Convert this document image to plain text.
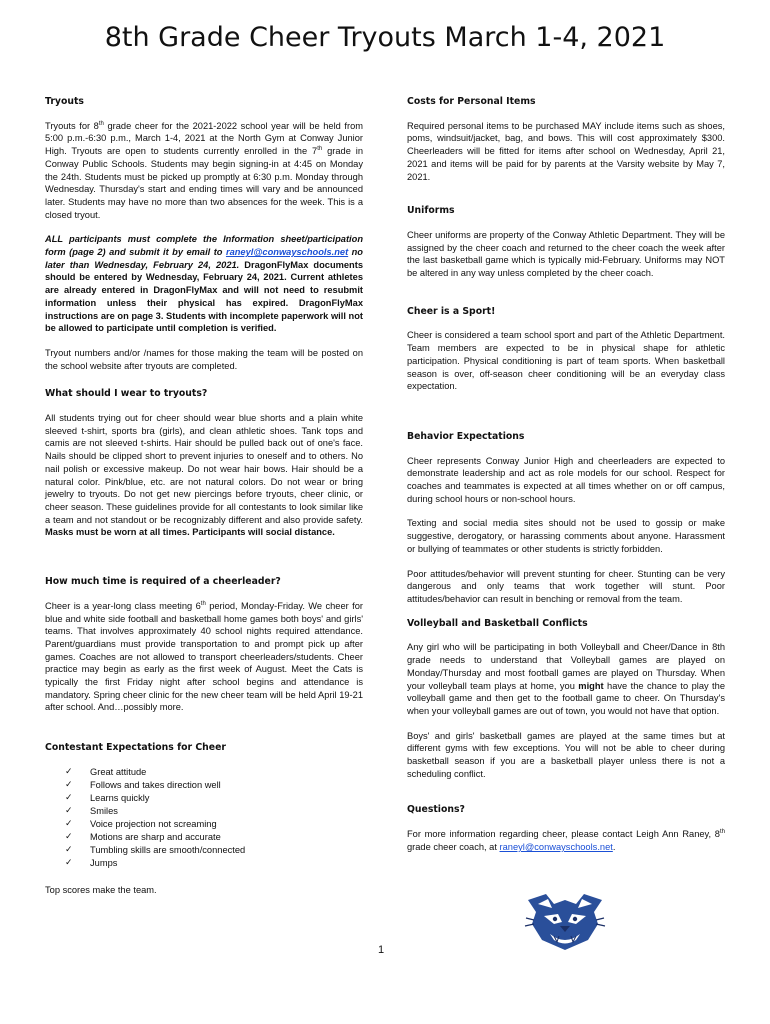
8th Grade Cheer Tryouts March 1-4, 2021
Tryouts

Tryouts for 8th grade cheer for the 2021-2022 school year will be held from 5:00 p.m.-6:30 p.m., March 1-4, 2021 at the North Gym at Conway Junior High. Tryouts are open to students currently enrolled in the 7th grade in Conway Public Schools. Students may begin signing-in at 4:45 on Monday the 24th. Students must be picked up promptly at 6:30 p.m. Monday through Wednesday. Thursday's start and ending times will vary and be announced later. Students may have no more than two absences for the week. This is a closed tryout.

ALL participants must complete the Information sheet/participation form (page 2) and submit it by email to raneyl@conwayschools.net no later than Wednesday, February 24, 2021. DragonFlyMax documents should be entered by Wednesday, February 24, 2021. Current athletes are already entered in DragonFlyMax and will not need to resubmit information unless their physical has expired. DragonFlyMax instructions are on page 3. Students with incomplete paperwork will not be allowed to participate until completion is verified.

Tryout numbers and/or /names for those making the team will be posted on the school website after tryouts are completed.

What should I wear to tryouts?

All students trying out for cheer should wear blue shorts and a plain white sleeved t-shirt, sports bra (girls), and clean athletic shoes. Tank tops and camis are not sleeved t-shirts. Hair should be pulled back out of one's face. Nails should be clipped short to prevent injuries to oneself and to others. No nail polish or excessive makeup. Do not wear hair bows. Hair should be a natural color. Pink/blue, etc. are not natural colors. Do not wear or bring jewelry to tryouts. Do not get new piercings before tryouts, cheer clinic, or cheer season. These guidelines provide for all contestants to look similar like a team and not standout or be recognizably different and also provide safety. Masks must be worn at all times. Participants will social distance.

How much time is required of a cheerleader?

Cheer is a year-long class meeting 6th period, Monday-Friday. We cheer for blue and white side football and basketball home games both boys' and girls' teams. That involves approximately 40 school nights required attendance. Parent/guardians must provide transportation to and prompt pick up after games. Coaches are not allowed to transport cheerleaders/students. Cheer practice may begin as early as the first week of August. Meet the Cats is typically the first Friday night after school begins and attendance is mandatory. Spring cheer clinic for the new cheer team will be held April 19-21 after school. And…possibly more.

Contestant Expectations for Cheer
✓	Great attitude
✓	Follows and takes direction well
✓	Learns quickly
✓	Smiles
✓	Voice projection not screaming
✓	Motions are sharp and accurate
✓	Tumbling skills are smooth/connected
✓	Jumps

Top scores make the team.

Costs for Personal Items

Required personal items to be purchased MAY include items such as shoes, poms, windsuit/jacket, bag, and bows. This will cost approximately $300. Cheerleaders will be fitted for items after school on Wednesday, April 21, 2021 and items will be paid for by parents at the Varsity website by May 7, 2021.

Uniforms

Cheer uniforms are property of the Conway Athletic Department. They will be assigned by the cheer coach and returned to the cheer coach the week after the last basketball game which is typically mid-February. Uniforms may NOT be altered in any way unless completed by the cheer coach.

Cheer is a Sport!

Cheer is considered a team school sport and part of the Athletic Department. Team members are expected to be in physical shape for athletic participation. Physical conditioning is part of team sports. When basketball season is over, off-season cheer conditioning will be an everyday class expectation.

Behavior Expectations

Cheer represents Conway Junior High and cheerleaders are expected to demonstrate leadership and act as role models for our school. Respect for coaches and teammates is expected at all times whether on or off campus, during school hours or non-school hours.

Texting and social media sites should not be used to gossip or make suggestive, derogatory, or harassing comments about anyone. Harassment or bullying of teammates or other students is strictly forbidden.

Poor attitudes/behavior will prevent stunting for cheer. Stunting can be very dangerous and only teams that work together will stunt. Poor attitudes/behavior can result in benching or removal from the team.

Volleyball and Basketball Conflicts

Any girl who will be participating in both Volleyball and Cheer/Dance in 8th grade needs to understand that Volleyball games are played on Monday/Thursday and most football games are played on Thursday. When your volleyball team plays at home, you might have the chance to play the volleyball game and then get to the football game to cheer. On Thursday's when your volleyball games are out of town, you would not have that option.

Boys' and girls' basketball games are played at the same times but at different gyms with few exceptions. You will not be able to cheer during basketball season if you are a basketball player unless there is not a scheduling conflict.

Questions?

For more information regarding cheer, please contact Leigh Ann Raney, 8th grade cheer coach, at raneyl@conwayschools.net.

1
